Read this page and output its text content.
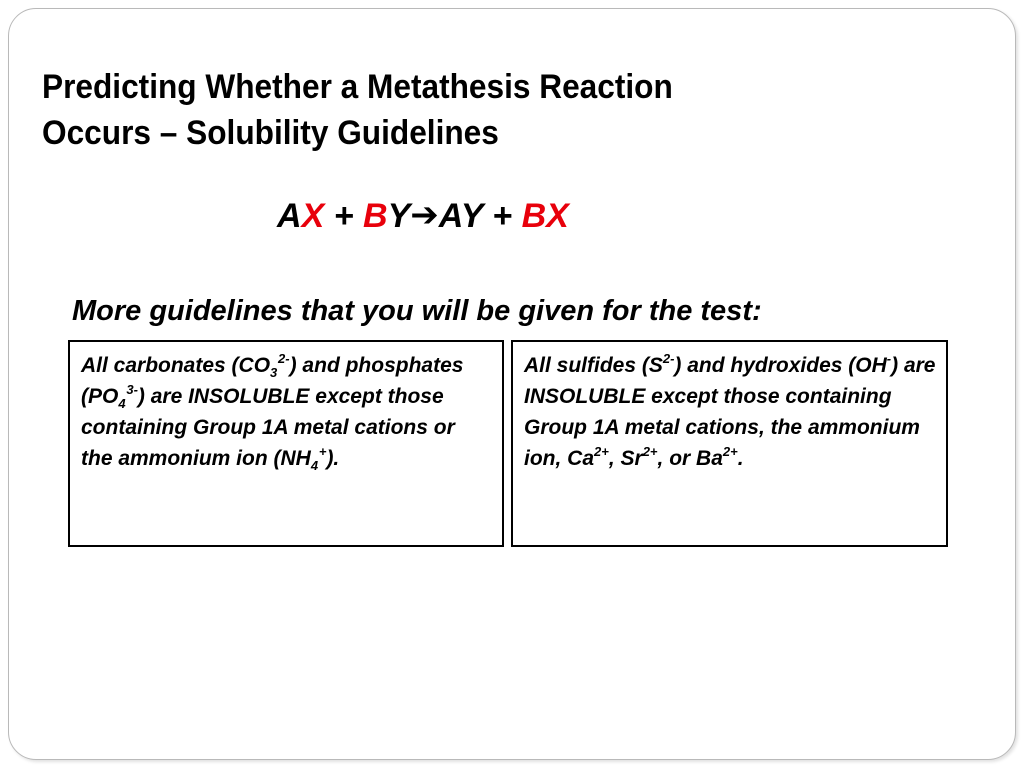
Predicting Whether a Metathesis Reaction
Occurs – Solubility Guidelines
AX + BY➔AY + BX
More guidelines that you will be given for the test:
All carbonates $(CO_3^{2-})$ and phosphates $(PO_4^{3-})$ are INSOLUBLE except those containing Group 1A metal cations or the ammonium ion $(NH_4^+)$.
All sulfides $(S^{2-})$ and hydroxides (OH-) are INSOLUBLE except those containing Group 1A metal cations, the ammonium ion, $Ca^{2+}$, $Sr^{2+}$, or $Ba^{2+}$.
